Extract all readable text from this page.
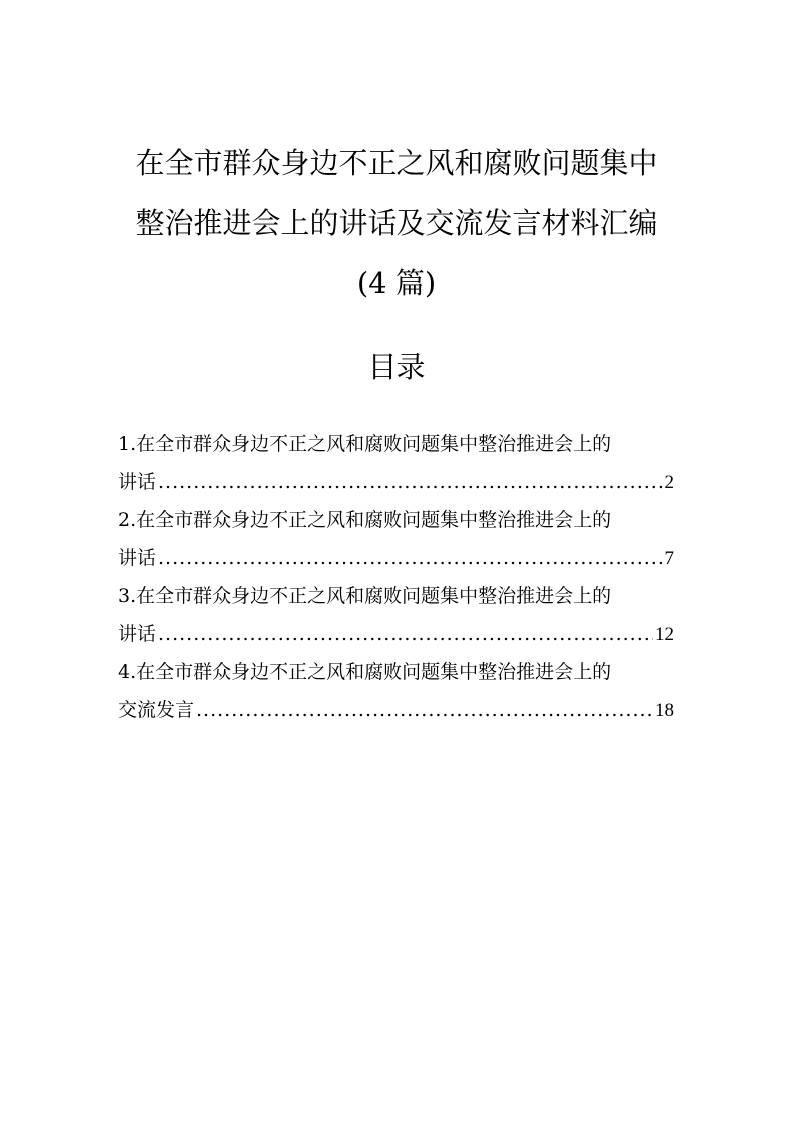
在全市群众身边不正之风和腐败问题集中
整治推进会上的讲话及交流发言材料汇编
(4 篇)
目录
1.在全市群众身边不正之风和腐败问题集中整治推进会上的
讲话 .....	2
2.在全市群众身边不正之风和腐败问题集中整治推进会上的
讲话 .....	7
3.在全市群众身边不正之风和腐败问题集中整治推进会上的
讲话 .....	12
4.在全市群众身边不正之风和腐败问题集中整治推进会上的
交流发言 .....	18
